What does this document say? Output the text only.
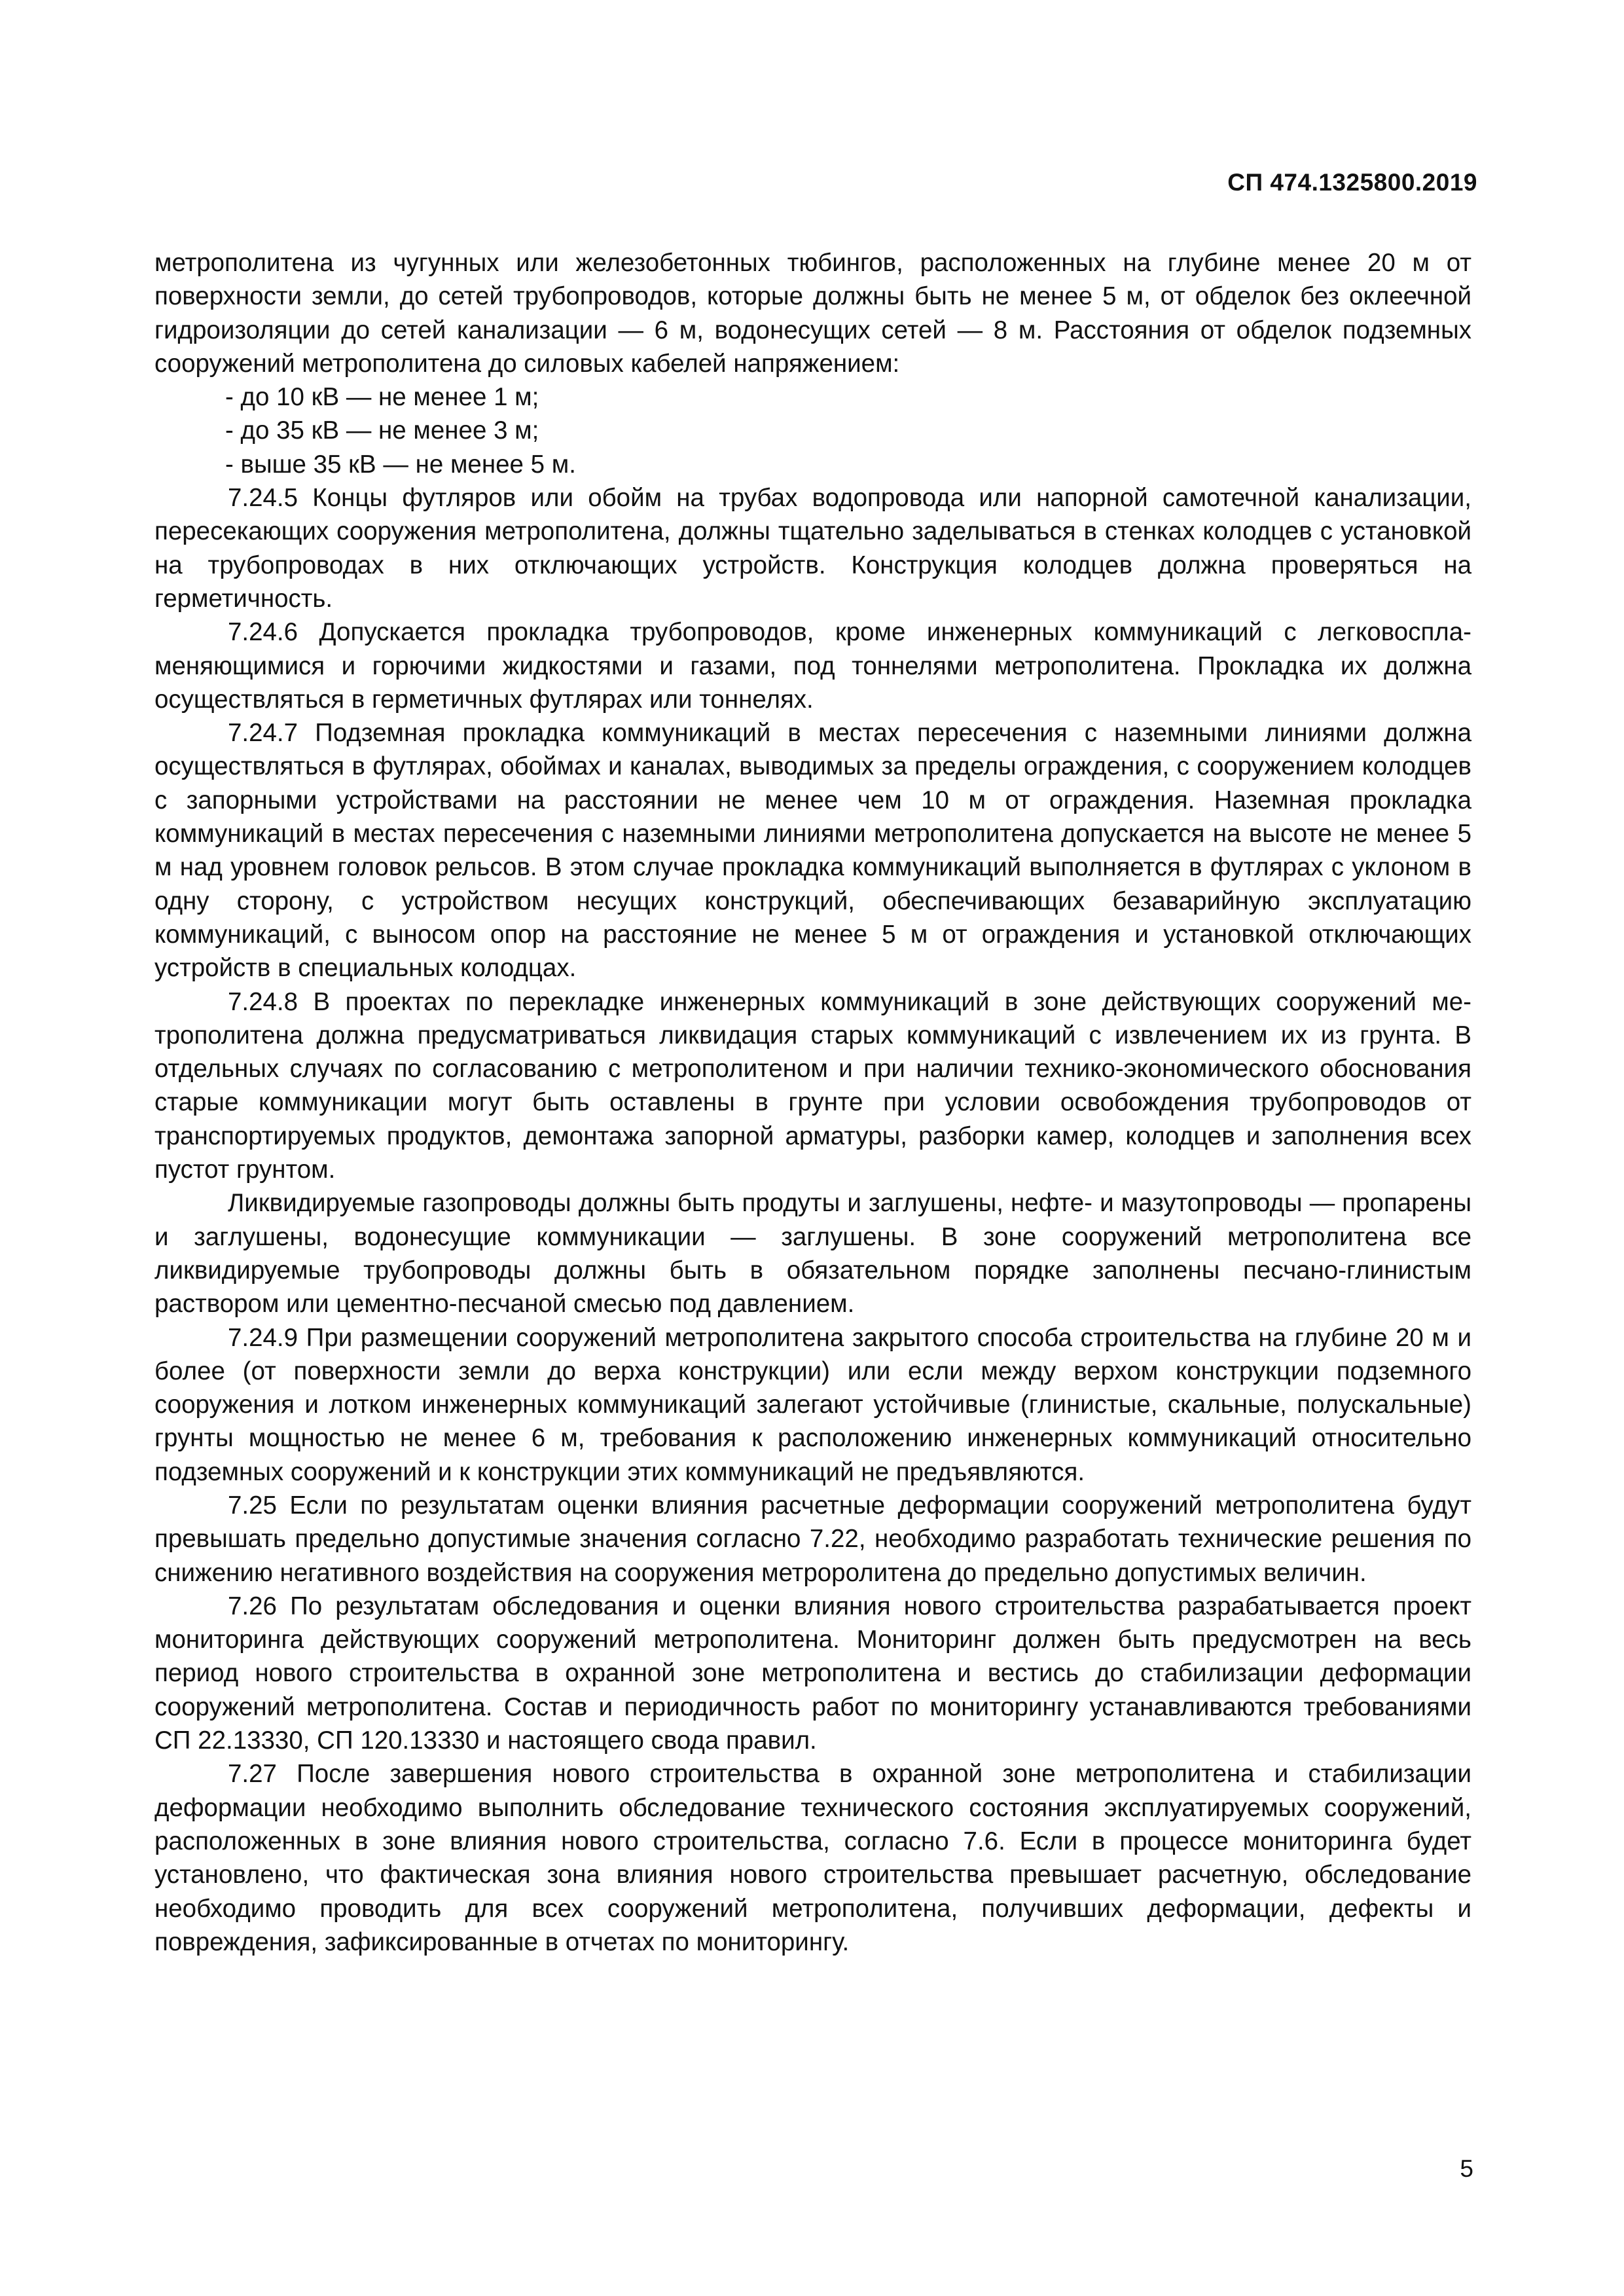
СП 474.1325800.2019

метрополитена из чугунных или железобетонных тюбингов, расположенных на глубине менее 20 м от поверхности земли, до сетей трубопроводов, которые должны быть не менее 5 м, от обделок без оклеечной гидроизоляции до сетей канализации — 6 м, водонесущих сетей — 8 м. Расстояния от обделок подземных сооружений метрополитена до силовых кабелей напряжением:

- до 10 кВ — не менее 1 м;
- до 35 кВ — не менее 3 м;
- выше 35 кВ — не менее 5 м.

7.24.5 Концы футляров или обойм на трубах водопровода или напорной самотечной канализации, пересекающих сооружения метрополитена, должны тщательно заделываться в стенках колодцев с установкой на трубопроводах в них отключающих устройств. Конструкция колодцев должна проверяться на герметичность.

7.24.6 Допускается прокладка трубопроводов, кроме инженерных коммуникаций с легковоспламеняющимися и горючими жидкостями и газами, под тоннелями метрополитена. Прокладка их должна осуществляться в герметичных футлярах или тоннелях.

7.24.7 Подземная прокладка коммуникаций в местах пересечения с наземными линиями должна осуществляться в футлярах, обоймах и каналах, выводимых за пределы ограждения, с сооружением колодцев с запорными устройствами на расстоянии не менее чем 10 м от ограждения. Наземная прокладка коммуникаций в местах пересечения с наземными линиями метрополитена допускается на высоте не менее 5 м над уровнем головок рельсов. В этом случае прокладка коммуникаций выполняется в футлярах с уклоном в одну сторону, с устройством несущих конструкций, обеспечивающих безаварийную эксплуатацию коммуникаций, с выносом опор на расстояние не менее 5 м от ограждения и установкой отключающих устройств в специальных колодцах.

7.24.8 В проектах по перекладке инженерных коммуникаций в зоне действующих сооружений метрополитена должна предусматриваться ликвидация старых коммуникаций с извлечением их из грунта. В отдельных случаях по согласованию с метрополитеном и при наличии технико-экономического обоснования старые коммуникации могут быть оставлены в грунте при условии освобождения трубопроводов от транспортируемых продуктов, демонтажа запорной арматуры, разборки камер, колодцев и заполнения всех пустот грунтом.

Ликвидируемые газопроводы должны быть продуты и заглушены, нефте- и мазутопроводы — пропарены и заглушены, водонесущие коммуникации — заглушены. В зоне сооружений метрополитена все ликвидируемые трубопроводы должны быть в обязательном порядке заполнены песчано-глинистым раствором или цементно-песчаной смесью под давлением.

7.24.9 При размещении сооружений метрополитена закрытого способа строительства на глубине 20 м и более (от поверхности земли до верха конструкции) или если между верхом конструкции подземного сооружения и лотком инженерных коммуникаций залегают устойчивые (глинистые, скальные, полускальные) грунты мощностью не менее 6 м, требования к расположению инженерных коммуникаций относительно подземных сооружений и к конструкции этих коммуникаций не предъявляются.

7.25 Если по результатам оценки влияния расчетные деформации сооружений метрополитена будут превышать предельно допустимые значения согласно 7.22, необходимо разработать технические решения по снижению негативного воздействия на сооружения метроролитена до предельно допустимых величин.

7.26 По результатам обследования и оценки влияния нового строительства разрабатывается проект мониторинга действующих сооружений метрополитена. Мониторинг должен быть предусмотрен на весь период нового строительства в охранной зоне метрополитена и вестись до стабилизации деформации сооружений метрополитена. Состав и периодичность работ по мониторингу устанавливаются требованиями СП 22.13330, СП 120.13330 и настоящего свода правил.

7.27 После завершения нового строительства в охранной зоне метрополитена и стабилизации деформации необходимо выполнить обследование технического состояния эксплуатируемых сооружений, расположенных в зоне влияния нового строительства, согласно 7.6. Если в процессе мониторинга будет установлено, что фактическая зона влияния нового строительства превышает расчетную, обследование необходимо проводить для всех сооружений метрополитена, получивших деформации, дефекты и повреждения, зафиксированные в отчетах по мониторингу.

5
